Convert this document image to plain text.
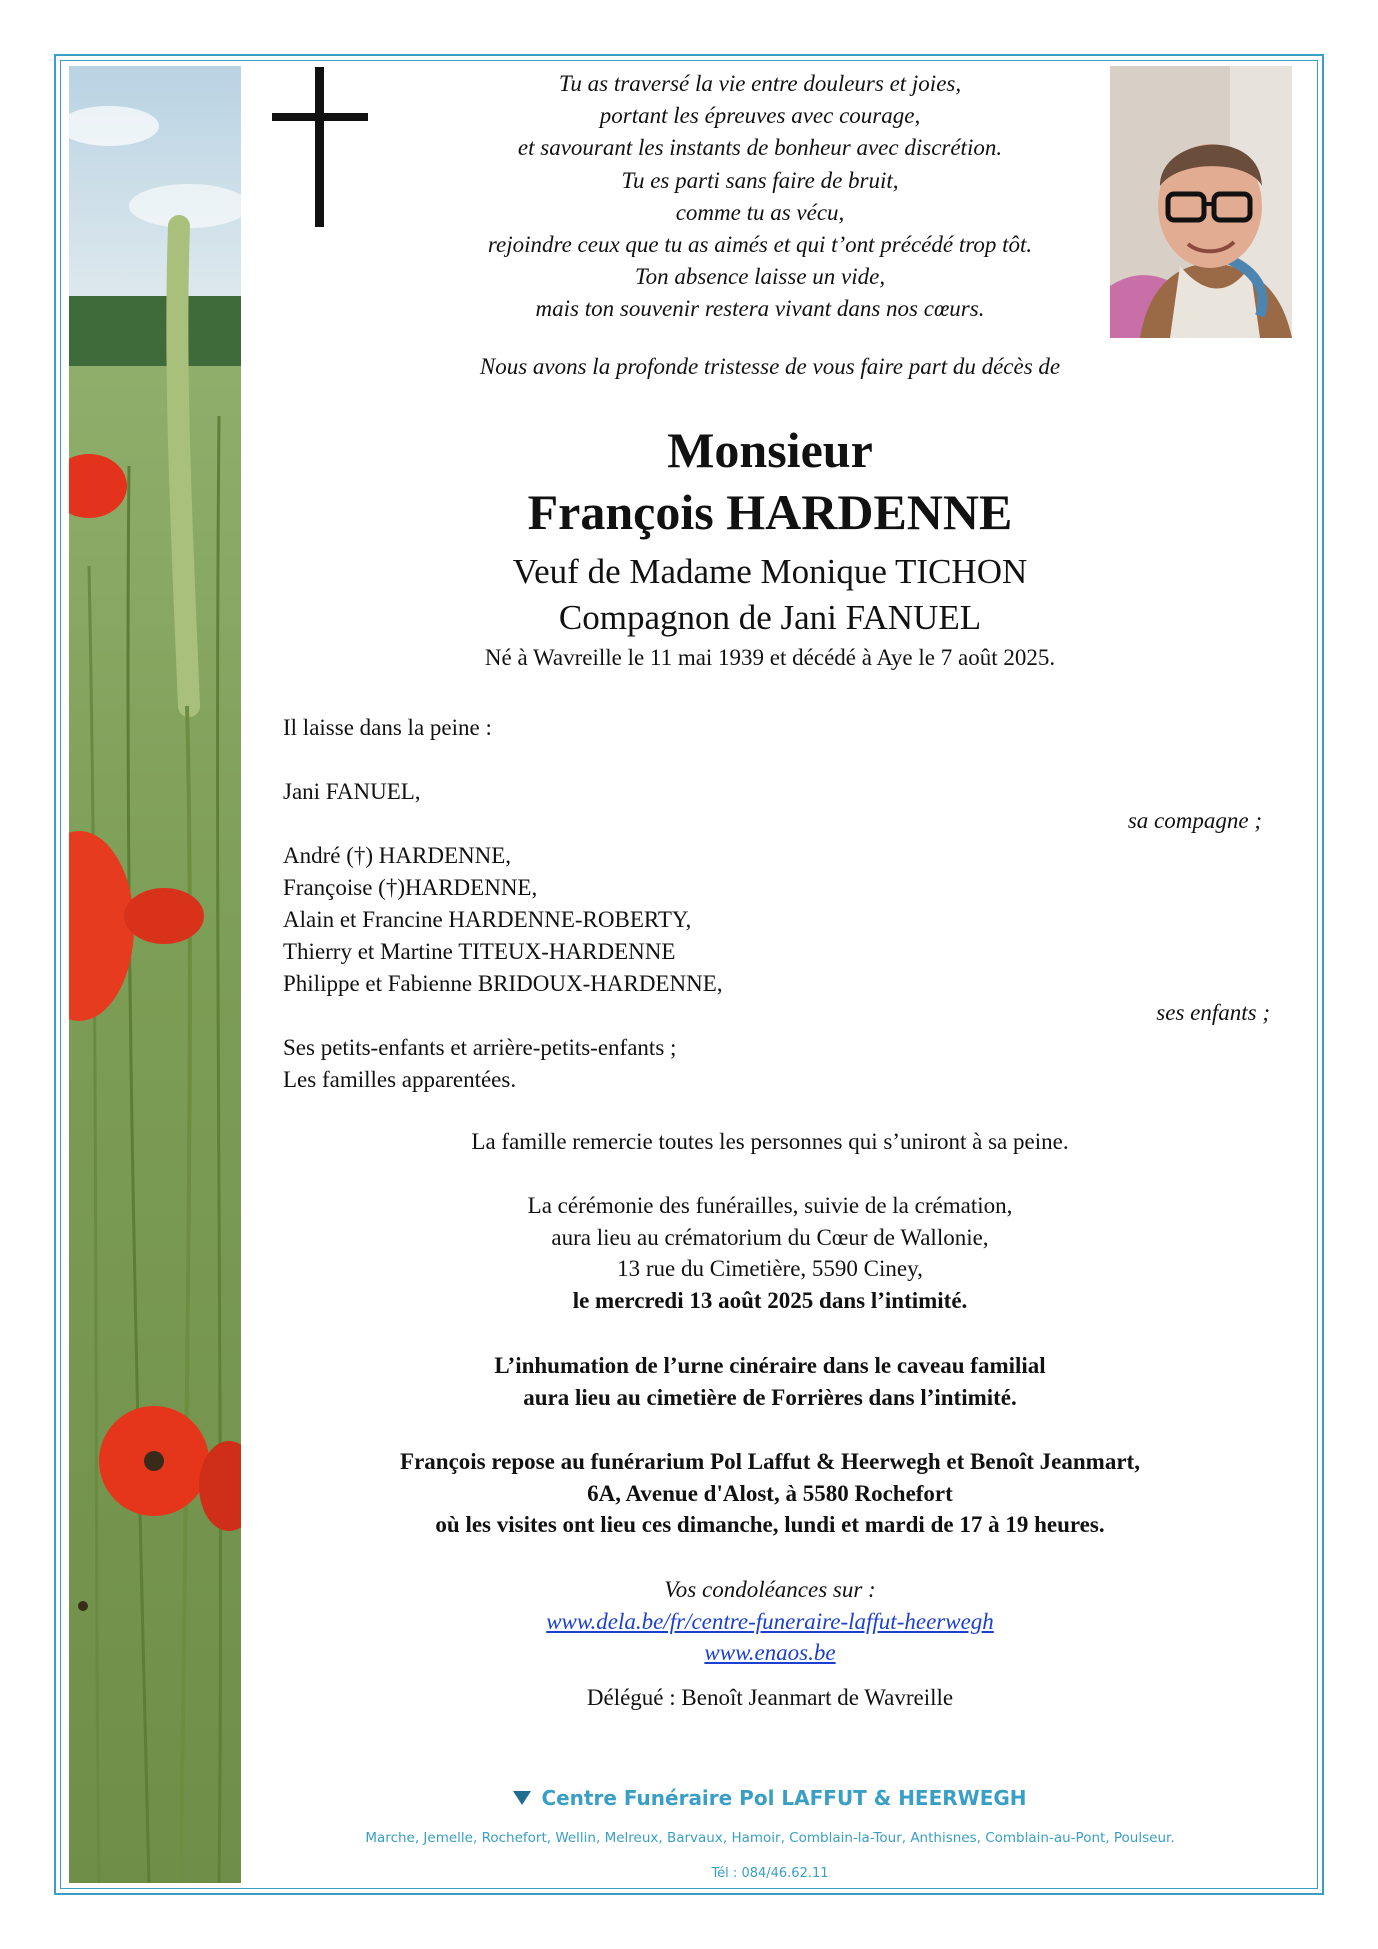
Tu as traversé la vie entre douleurs et joies,
portant les épreuves avec courage,
et savourant les instants de bonheur avec discrétion.
Tu es parti sans faire de bruit,
comme tu as vécu,
rejoindre ceux que tu as aimés et qui t’ont précédé trop tôt.
Ton absence laisse un vide,
mais ton souvenir restera vivant dans nos cœurs.
Nous avons la profonde tristesse de vous faire part du décès de
Monsieur
François HARDENNE
Veuf de Madame Monique TICHON
Compagnon de Jani FANUEL
Né à Wavreille le 11 mai 1939 et décédé à Aye le 7 août 2025.
Il laisse dans la peine :
Jani FANUEL,
sa compagne ;
André (†) HARDENNE,
Françoise (†)HARDENNE,
Alain et Francine HARDENNE-ROBERTY,
Thierry et Martine TITEUX-HARDENNE
Philippe et Fabienne BRIDOUX-HARDENNE,
ses enfants ;
Ses petits-enfants et arrière-petits-enfants ;
Les familles apparentées.
La famille remercie toutes les personnes qui s’uniront à sa peine.
La cérémonie des funérailles, suivie de la crémation,
aura lieu au crématorium du Cœur de Wallonie,
13 rue du Cimetière, 5590 Ciney,
le mercredi 13 août 2025 dans l’intimité.
L’inhumation de l’urne cinéraire dans le caveau familial
aura lieu au cimetière de Forrières dans l’intimité.
François repose au funérarium Pol Laffut & Heerwegh et Benoît Jeanmart,
6A, Avenue d'Alost, à 5580 Rochefort
où les visites ont lieu ces dimanche, lundi et mardi de 17 à 19 heures.
Vos condoléances sur :
www.dela.be/fr/centre-funeraire-laffut-heerwegh
www.enaos.be
Délégué : Benoît Jeanmart de Wavreille
Centre Funéraire Pol LAFFUT & HEERWEGH
Marche, Jemelle, Rochefort, Wellin, Melreux, Barvaux, Hamoir, Comblain-la-Tour, Anthisnes, Comblain-au-Pont, Poulseur.
Tél : 084/46.62.11
